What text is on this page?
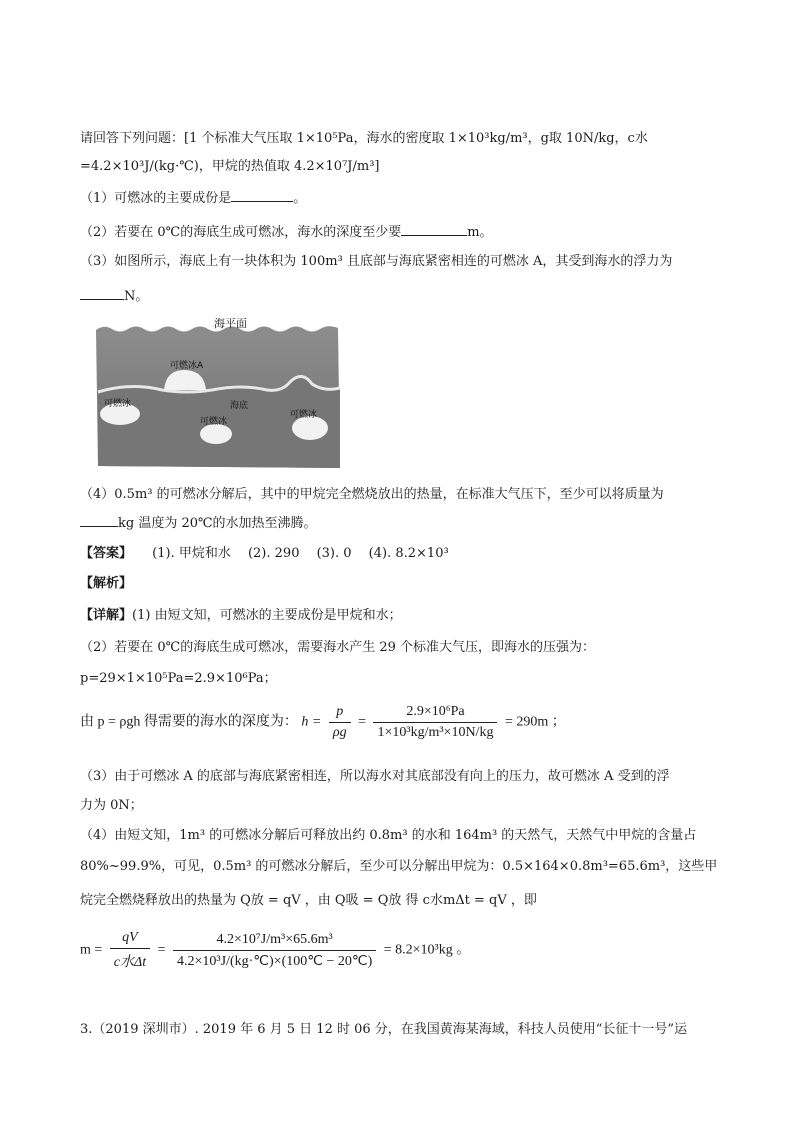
请回答下列问题：[1 个标准大气压取 1×10⁵Pa，海水的密度取 1×10³kg/m³，g取 10N/kg，c水
=4.2×10³J/(kg·℃)，甲烷的热值取 4.2×10⁷J/m³]
（1）可燃冰的主要成份是	。
（2）若要在 0℃的海底生成可燃冰，海水的深度至少要	m。
（3）如图所示，海底上有一块体积为 100m³ 且底部与海底紧密相连的可燃冰 A，其受到海水的浮力为
N。
海平面
可燃冰A
海底
可燃冰
可燃冰
可燃冰
（4）0.5m³ 的可燃冰分解后，其中的甲烷完全燃烧放出的热量，在标准大气压下，至少可以将质量为
kg 温度为 20℃的水加热至沸腾。
【答案】 (1). 甲烷和水　 (2). 290　 (3). 0　 (4). 8.2×10³
【解析】
【详解】(1) 由短文知，可燃冰的主要成份是甲烷和水；
（2）若要在 0℃的海底生成可燃冰，需要海水产生 29 个标准大气压，即海水的压强为：
p=29×1×10⁵Pa=2.9×10⁶Pa；
由 p = ρgh 得需要的海水的深度为： $h = \frac{p}{\rho g} = \frac{\text{2.9×10⁶Pa}}{\text{1×10³kg/m³×10N/kg}} = 290m$ ；
（3）由于可燃冰 A 的底部与海底紧密相连，所以海水对其底部没有向上的压力，故可燃冰 A 受到的浮
力为 0N；
（4）由短文知，1m³ 的可燃冰分解后可释放出约 0.8m³ 的水和 164m³ 的天然气，天然气中甲烷的含量占
80%~99.9%，可见，0.5m³ 的可燃冰分解后，至少可以分解出甲烷为：0.5×164×0.8m³=65.6m³，这些甲
烷完全燃烧释放出的热量为 Q放 = qV ，由 Q吸 = Q放 得 c水mΔt = qV ，即
$m = \frac{qV}{\text{c水Δt}} = \frac{\text{4.2×10⁷J/m³×65.6m³}}{\text{4.2×10³J/(kg·℃)×(100℃ − 20℃)}} = 8.2\times 10^3kg$ 。
3.（2019 深圳市）. 2019 年 6 月 5 日 12 时 06 分，在我国黄海某海域，科技人员使用“长征十一号”运
